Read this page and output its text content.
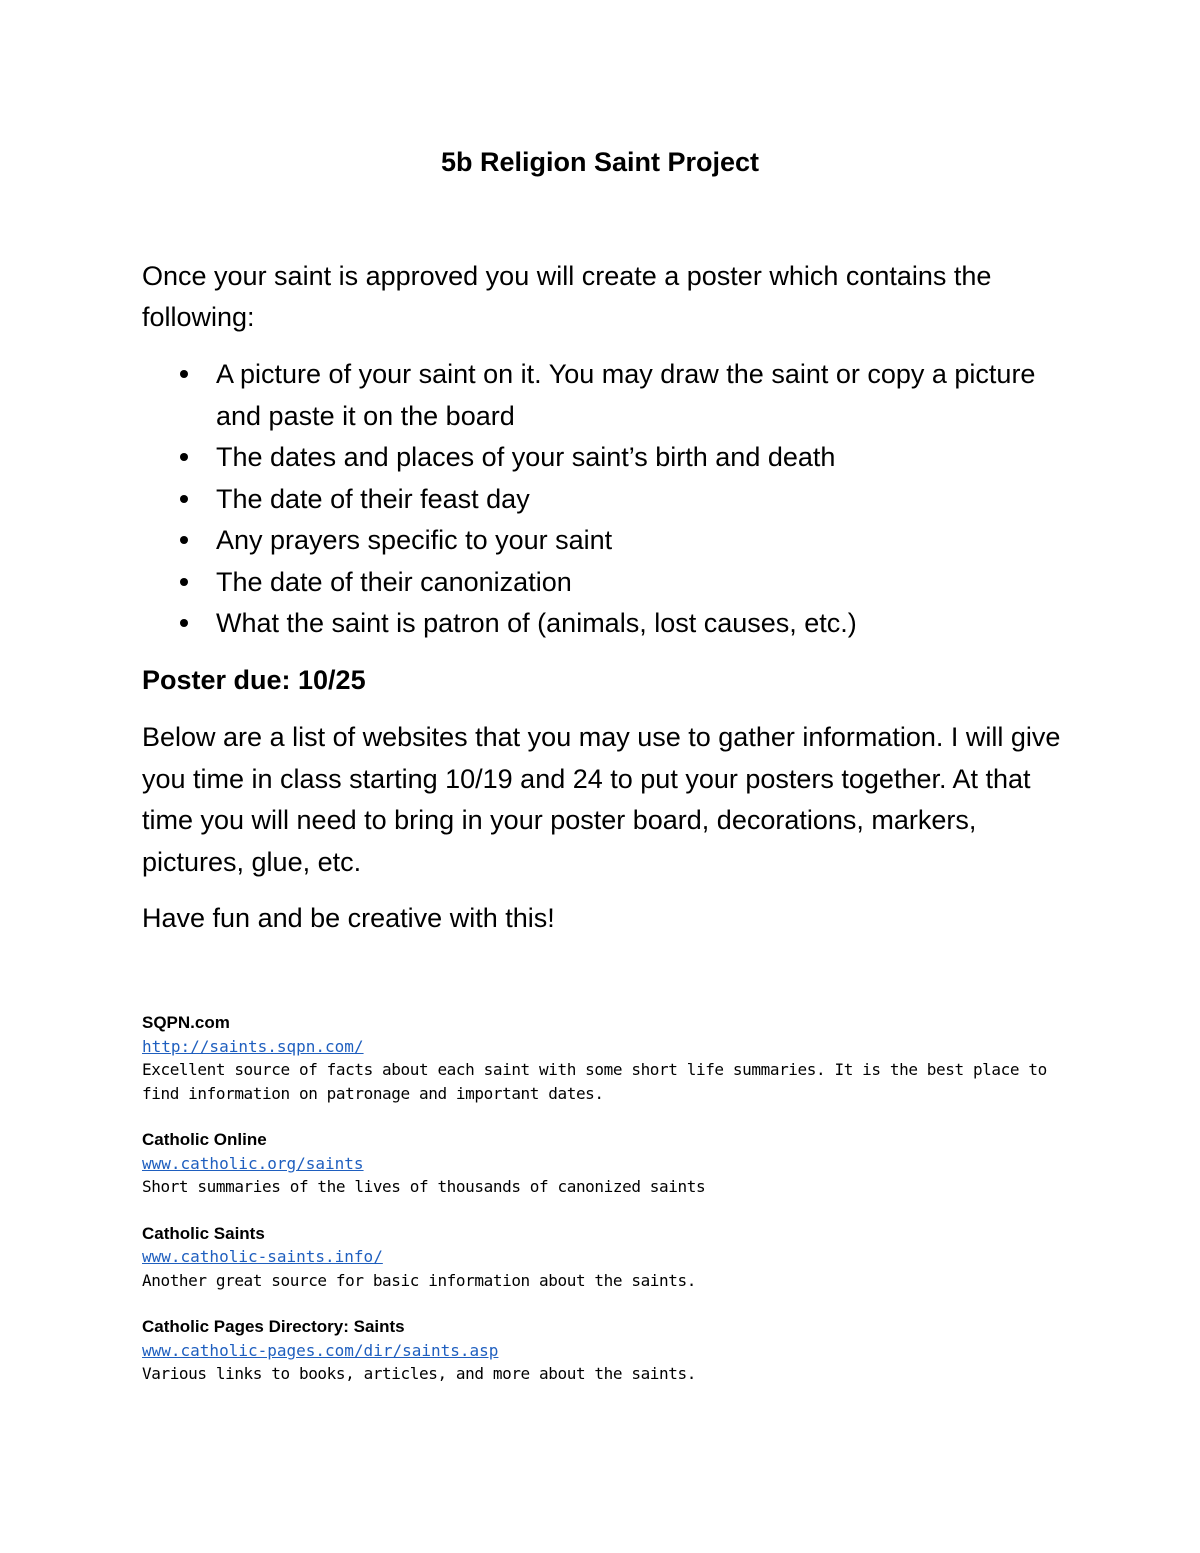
5b Religion Saint Project

Once your saint is approved you will create a poster which contains the following:

A picture of your saint on it. You may draw the saint or copy a picture and paste it on the board
The dates and places of your saint’s birth and death
The date of their feast day
Any prayers specific to your saint
The date of their canonization
What the saint is patron of (animals, lost causes, etc.)

Poster due: 10/25

Below are a list of websites that you may use to gather information. I will give you time in class starting 10/19 and 24 to put your posters together. At that time you will need to bring in your poster board, decorations, markers, pictures, glue, etc.

Have fun and be creative with this!

SQPN.com
http://saints.sqpn.com/
Excellent source of facts about each saint with some short life summaries. It is the best place to find information on patronage and important dates.
Catholic Online
www.catholic.org/saints
Short summaries of the lives of thousands of canonized saints
Catholic Saints
www.catholic-saints.info/
Another great source for basic information about the saints.
Catholic Pages Directory: Saints
www.catholic-pages.com/dir/saints.asp
Various links to books, articles, and more about the saints.
